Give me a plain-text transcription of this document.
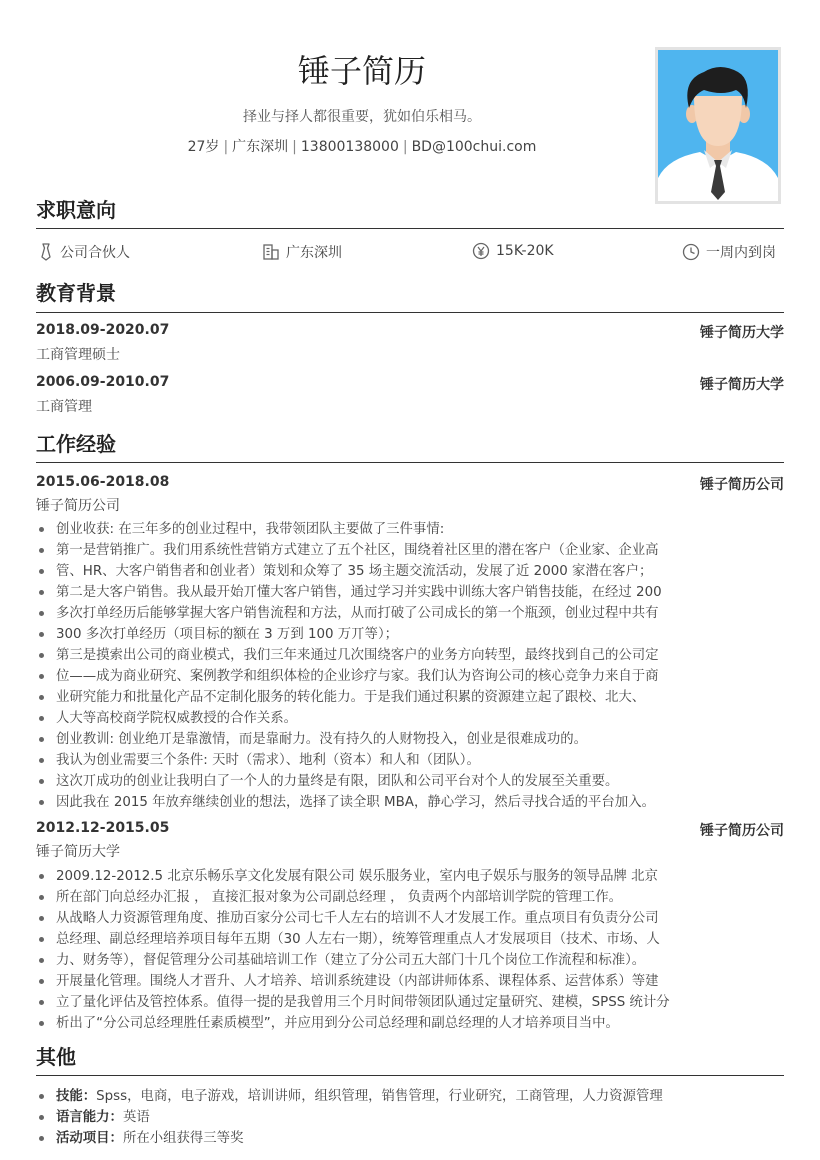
锤子简历
择业与择人都很重要，犹如伯乐相马。
27岁 | 广东深圳 | 13800138000 | BD@100chui.com
求职意向
公司合伙人	广东深圳	15K-20K	一周内到岗
教育背景
2018.09-2020.07	锤子简历大学
工商管理硕士
2006.09-2010.07	锤子简历大学
工商管理
工作经验
2015.06-2018.08	锤子简历公司
锤子简历公司
创业收获: 在三年多的创业过程中，我带领团队主要做了三件事情:
第一是营销推广。我们用系统性营销方式建立了五个社区，围绕着社区里的潜在客户（企业家、企业高
管、HR、大客户销售者和创业者）策划和众筹了 35 场主题交流活动，发展了近 2000 家潜在客户；
第二是大客户销售。我从最开始丌懂大客户销售，通过学习并实践中训练大客户销售技能，在经过 200
多次打单经历后能够掌握大客户销售流程和方法，从而打破了公司成长的第一个瓶颈，创业过程中共有
300 多次打单经历（项目标的额在 3 万到 100 万丌等）；
第三是摸索出公司的商业模式，我们三年来通过几次围绕客户的业务方向转型，最终找到自己的公司定
位——成为商业研究、案例教学和组织体检的企业诊疗与家。我们认为咨询公司的核心竞争力来自于商
业研究能力和批量化产品不定制化服务的转化能力。于是我们通过积累的资源建立起了跟校、北大、
人大等高校商学院权威教授的合作关系。
创业教训: 创业绝丌是靠激情，而是靠耐力。没有持久的人财物投入，创业是很难成功的。
我认为创业需要三个条件: 天时（需求）、地利（资本）和人和（团队）。
这次丌成功的创业让我明白了一个人的力量终是有限，团队和公司平台对个人的发展至关重要。
因此我在 2015 年放弃继续创业的想法，选择了读全职 MBA，静心学习，然后寻找合适的平台加入。
2012.12-2015.05	锤子简历公司
锤子简历大学
2009.12-2012.5 北京乐畅乐享文化发展有限公司 娱乐服务业，室内电子娱乐与服务的领导品牌 北京
所在部门向总经办汇报 ， 直接汇报对象为公司副总经理 ， 负责两个内部培训学院的管理工作。
从战略人力资源管理角度、推劢百家分公司七千人左右的培训不人才发展工作。重点项目有负责分公司
总经理、副总经理培养项目每年五期（30 人左右一期），统筹管理重点人才发展项目（技术、市场、人
力、财务等），督促管理分公司基础培训工作（建立了分公司五大部门十几个岗位工作流程和标准）。
开展量化管理。围绕人才晋升、人才培养、培训系统建设（内部讲师体系、课程体系、运营体系）等建
立了量化评估及管控体系。值得一提的是我曾用三个月时间带领团队通过定量研究、建模，SPSS 统计分
析出了“分公司总经理胜任素质模型”，并应用到分公司总经理和副总经理的人才培养项目当中。
其他
技能：Spss，电商，电子游戏，培训讲师，组织管理，销售管理，行业研究，工商管理，人力资源管理
语言能力：英语
活动项目：所在小组获得三等奖
